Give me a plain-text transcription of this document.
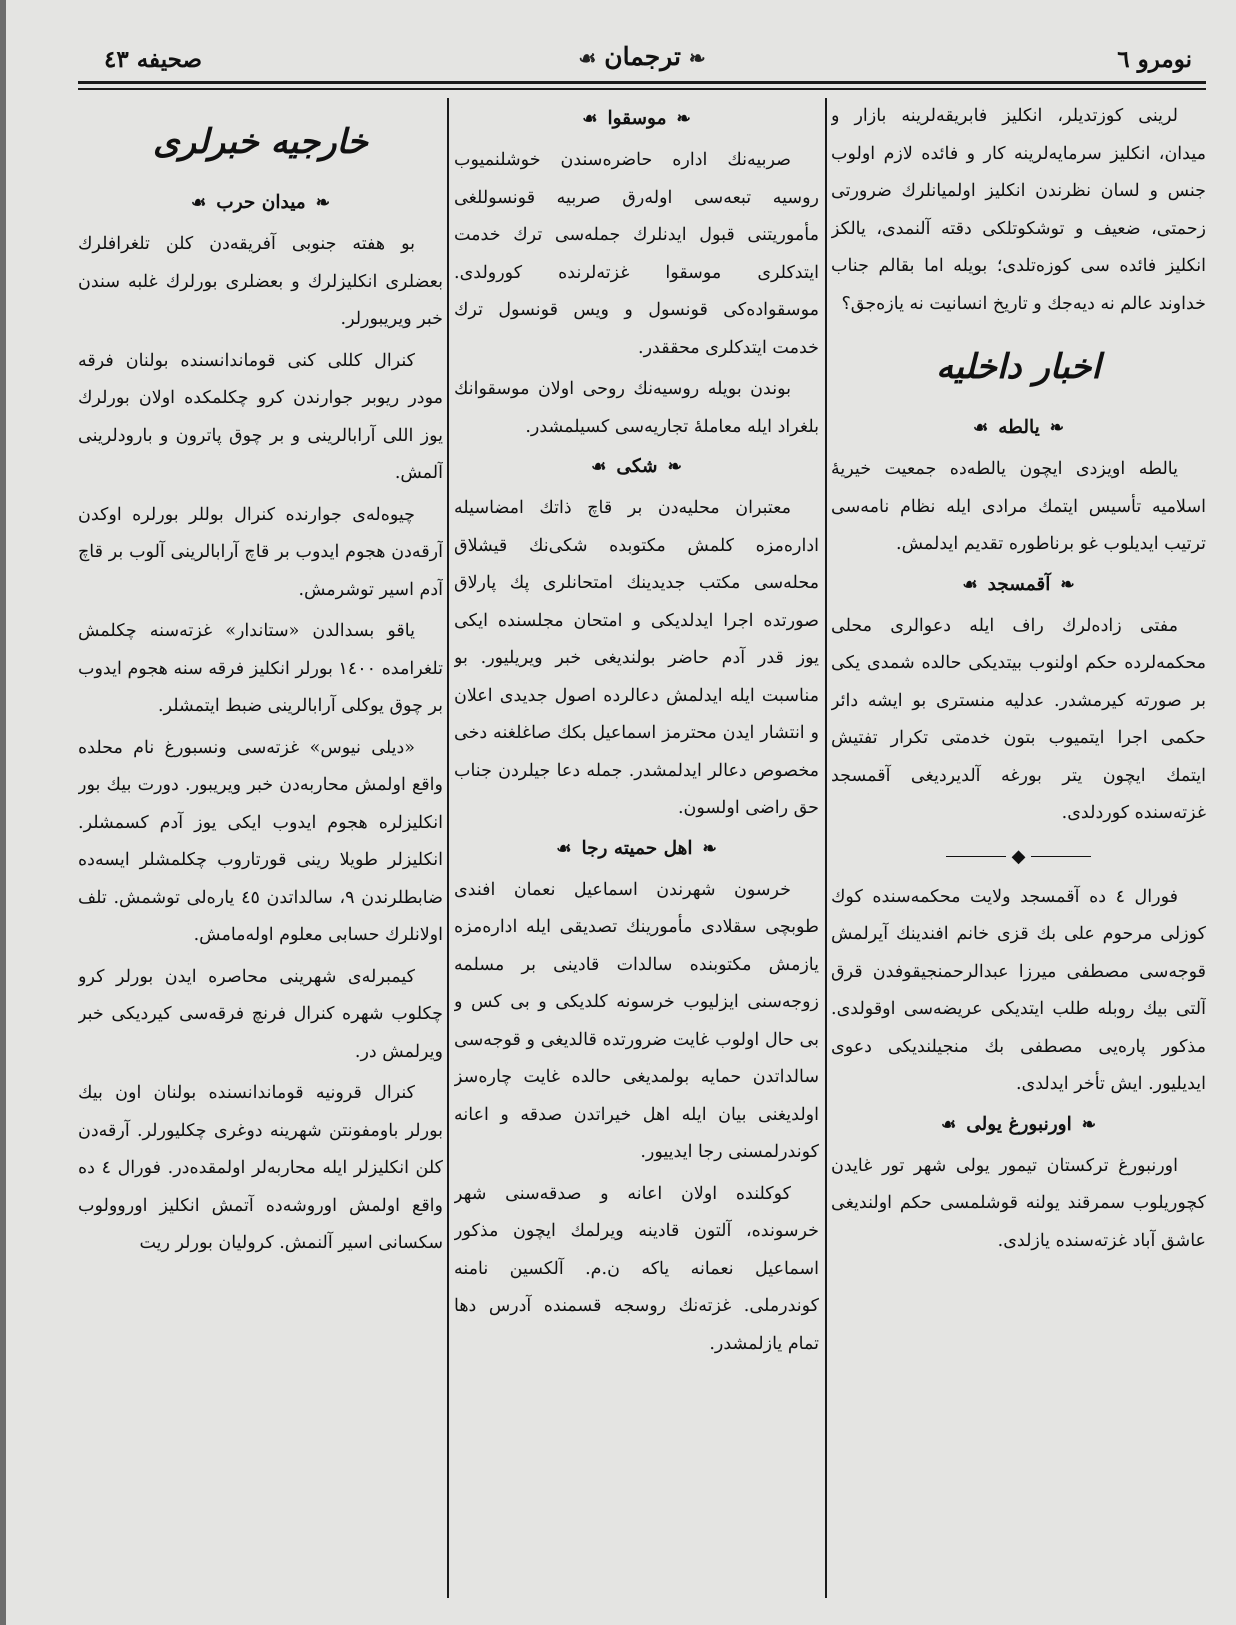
صحیفه ٤٣	❧ترجمان☙	نومرو ٦

لرینی کوزتدیلر، انکلیز فابریقه‌لرینه بازار و میدان، انکلیز سرمایه‌لرینه کار و فائده لازم اولوب جنس و لسان نظرندن انکلیز اولمیانلرك ضرورتی زحمتی، ضعیف و توشکوتلکی دقته آلنمدی، یالکز انکلیز فائده سی کوزه‌تلدی؛ بویله اما بقالم جناب خداوند عالم نه دیه‌جك و تاریخ انسانیت نه یازه‌جق؟

اخبار داخلیه
❧یالطه☙

یالطه اویزدی ایچون یالطه‌ده جمعیت خیریۀ اسلامیه تأسیس ایتمك مرادی ایله نظام نامه‌سی ترتیب ایدیلوب غو برناطوره تقدیم ایدلمش.

❧آقمسجد☙

مفتی زاده‌لرك راف ایله دعوالری محلی محکمه‌لرده حکم اولنوب بیتدیکی حالده شمدی یکی بر صورته کیرمشدر. عدلیه منستری بو ایشه دائر حکمی اجرا ایتمیوب بتون خدمتی تکرار تفتیش ایتمك ایچون یتر بورغه آلدیردیغی آقمسجد غزته‌سنده کوردلدی.

◆

فورال ٤ ده آقمسجد ولایت محکمه‌سنده کوك کوزلی مرحوم علی بك قزی خانم افندینك آیرلمش قوجه‌سی مصطفی میرزا عبدالرحمنجیقوفدن قرق آلتی بیك روبله طلب ایتدیکی عریضه‌سی اوقولدی. مذکور پاره‌یی مصطفی بك منجیلندیکی دعوی ایدیلیور. ایش تأخر ایدلدی.

❧اورنبورغ یولی☙

اورنبورغ ترکستان تیمور یولی شهر تور غایدن کچوریلوب سمرقند یولنه قوشلمسی حکم اولندیغی عاشق آباد غزته‌سنده یازلدی.

❧موسقوا☙

صربیه‌نك اداره حاضره‌سندن خوشلنمیوب روسیه تبعه‌سی اوله‌رق صربیه قونسوللغی مأموریتنی قبول ایدنلرك جمله‌سی ترك خدمت ایتدکلری موسقوا غزته‌لرنده کورولدی. موسقواده‌کی قونسول و ویس قونسول ترك خدمت ایتدکلری محققدر.

بوندن بویله روسیه‌نك روحی اولان موسقوانك بلغراد ایله معاملۀ تجاریه‌سی کسیلمشدر.

❧شکی☙

معتبران محلیه‌دن بر قاچ ذاتك امضاسیله اداره‌مزه کلمش مکتوبده شکی‌نك قیشلاق محله‌سی مکتب جدیدینك امتحانلری پك پارلاق صورتده اجرا ایدلدیکی و امتحان مجلسنده ایکی یوز قدر آدم حاضر بولندیغی خبر ویریلیور. بو مناسبت ایله ایدلمش دعالرده اصول جدیدی اعلان و انتشار ایدن محترمز اسماعیل بکك صاغلغنه دخی مخصوص دعالر ایدلمشدر. جمله دعا جیلردن جناب حق راضی اولسون.

❧اهل حمیته رجا☙

خرسون شهرندن اسماعیل نعمان افندی طوبچی سقلادی مأمورینك تصدیقی ایله اداره‌مزه یازمش مکتوبنده سالدات قادینی بر مسلمه زوجه‌سنی ایزلیوب خرسونه کلدیکی و بی کس و بی حال اولوب غایت ضرورتده قالدیغی و قوجه‌سی سالداتدن حمایه بولمدیغی حالده غایت چاره‌سز اولدیغنی بیان ایله اهل خیراتدن صدقه و اعانه کوندرلمسنی رجا ایدییور.

کوکلنده اولان اعانه و صدقه‌سنی شهر خرسونده، آلتون قادینه ویرلمك ایچون مذکور اسماعیل نعمانه یاکه ن.م. آلکسین نامنه کوندرملی. غزته‌نك روسجه قسمنده آدرس دها تمام یازلمشدر.

خارجیه خبرلری
❧میدان حرب☙

بو هفته جنوبی آفریقه‌دن کلن تلغرافلرك بعضلری انکلیزلرك و بعضلری بورلرك غلبه سندن خبر ویریبورلر.

کنرال کللی کنی قوماندانسنده بولنان فرقه مودر ریوبر جوارندن کرو چکلمکده اولان بورلرك یوز اللی آرابالرینی و بر چوق پاترون و بارودلرینی آلمش.

چیوه‌له‌ی جوارنده کنرال بوللر بورلره اوکدن آرقه‌دن هجوم ایدوب بر قاچ آرابالرینی آلوب بر قاچ آدم اسیر توشرمش.

یاقو بسدالدن «ستاندار» غزته‌سنه چکلمش تلغرامده ١٤٠٠ بورلر انکلیز فرقه سنه هجوم ایدوب بر چوق یوکلی آرابالرینی ضبط ایتمشلر.

«دیلی نیوس» غزته‌سی ونسبورغ نام محلده واقع اولمش محاربه‌دن خبر ویریبور. دورت بیك بور انکلیزلره هجوم ایدوب ایکی یوز آدم کسمشلر. انکلیزلر طویلا رینی قورتاروب چکلمشلر ایسه‌ده ضابطلرندن ٩، سالداتدن ٤٥ یاره‌لی توشمش. تلف اولانلرك حسابی معلوم اوله‌مامش.

کیمبرله‌ی شهرینی محاصره ایدن بورلر کرو چکلوب شهره کنرال فرنچ فرقه‌سی کیردیکی خبر ویرلمش در.

کنرال قرونیه قوماندانسنده بولنان اون بیك بورلر باومفونتن شهرینه دوغری چکلیورلر. آرقه‌دن کلن انکلیزلر ایله محاربه‌لر اولمقده‌در. فورال ٤ ده واقع اولمش اوروشه‌ده آتمش انکلیز اوروولوب سکسانی اسیر آلنمش. کرولیان بورلر ریت
